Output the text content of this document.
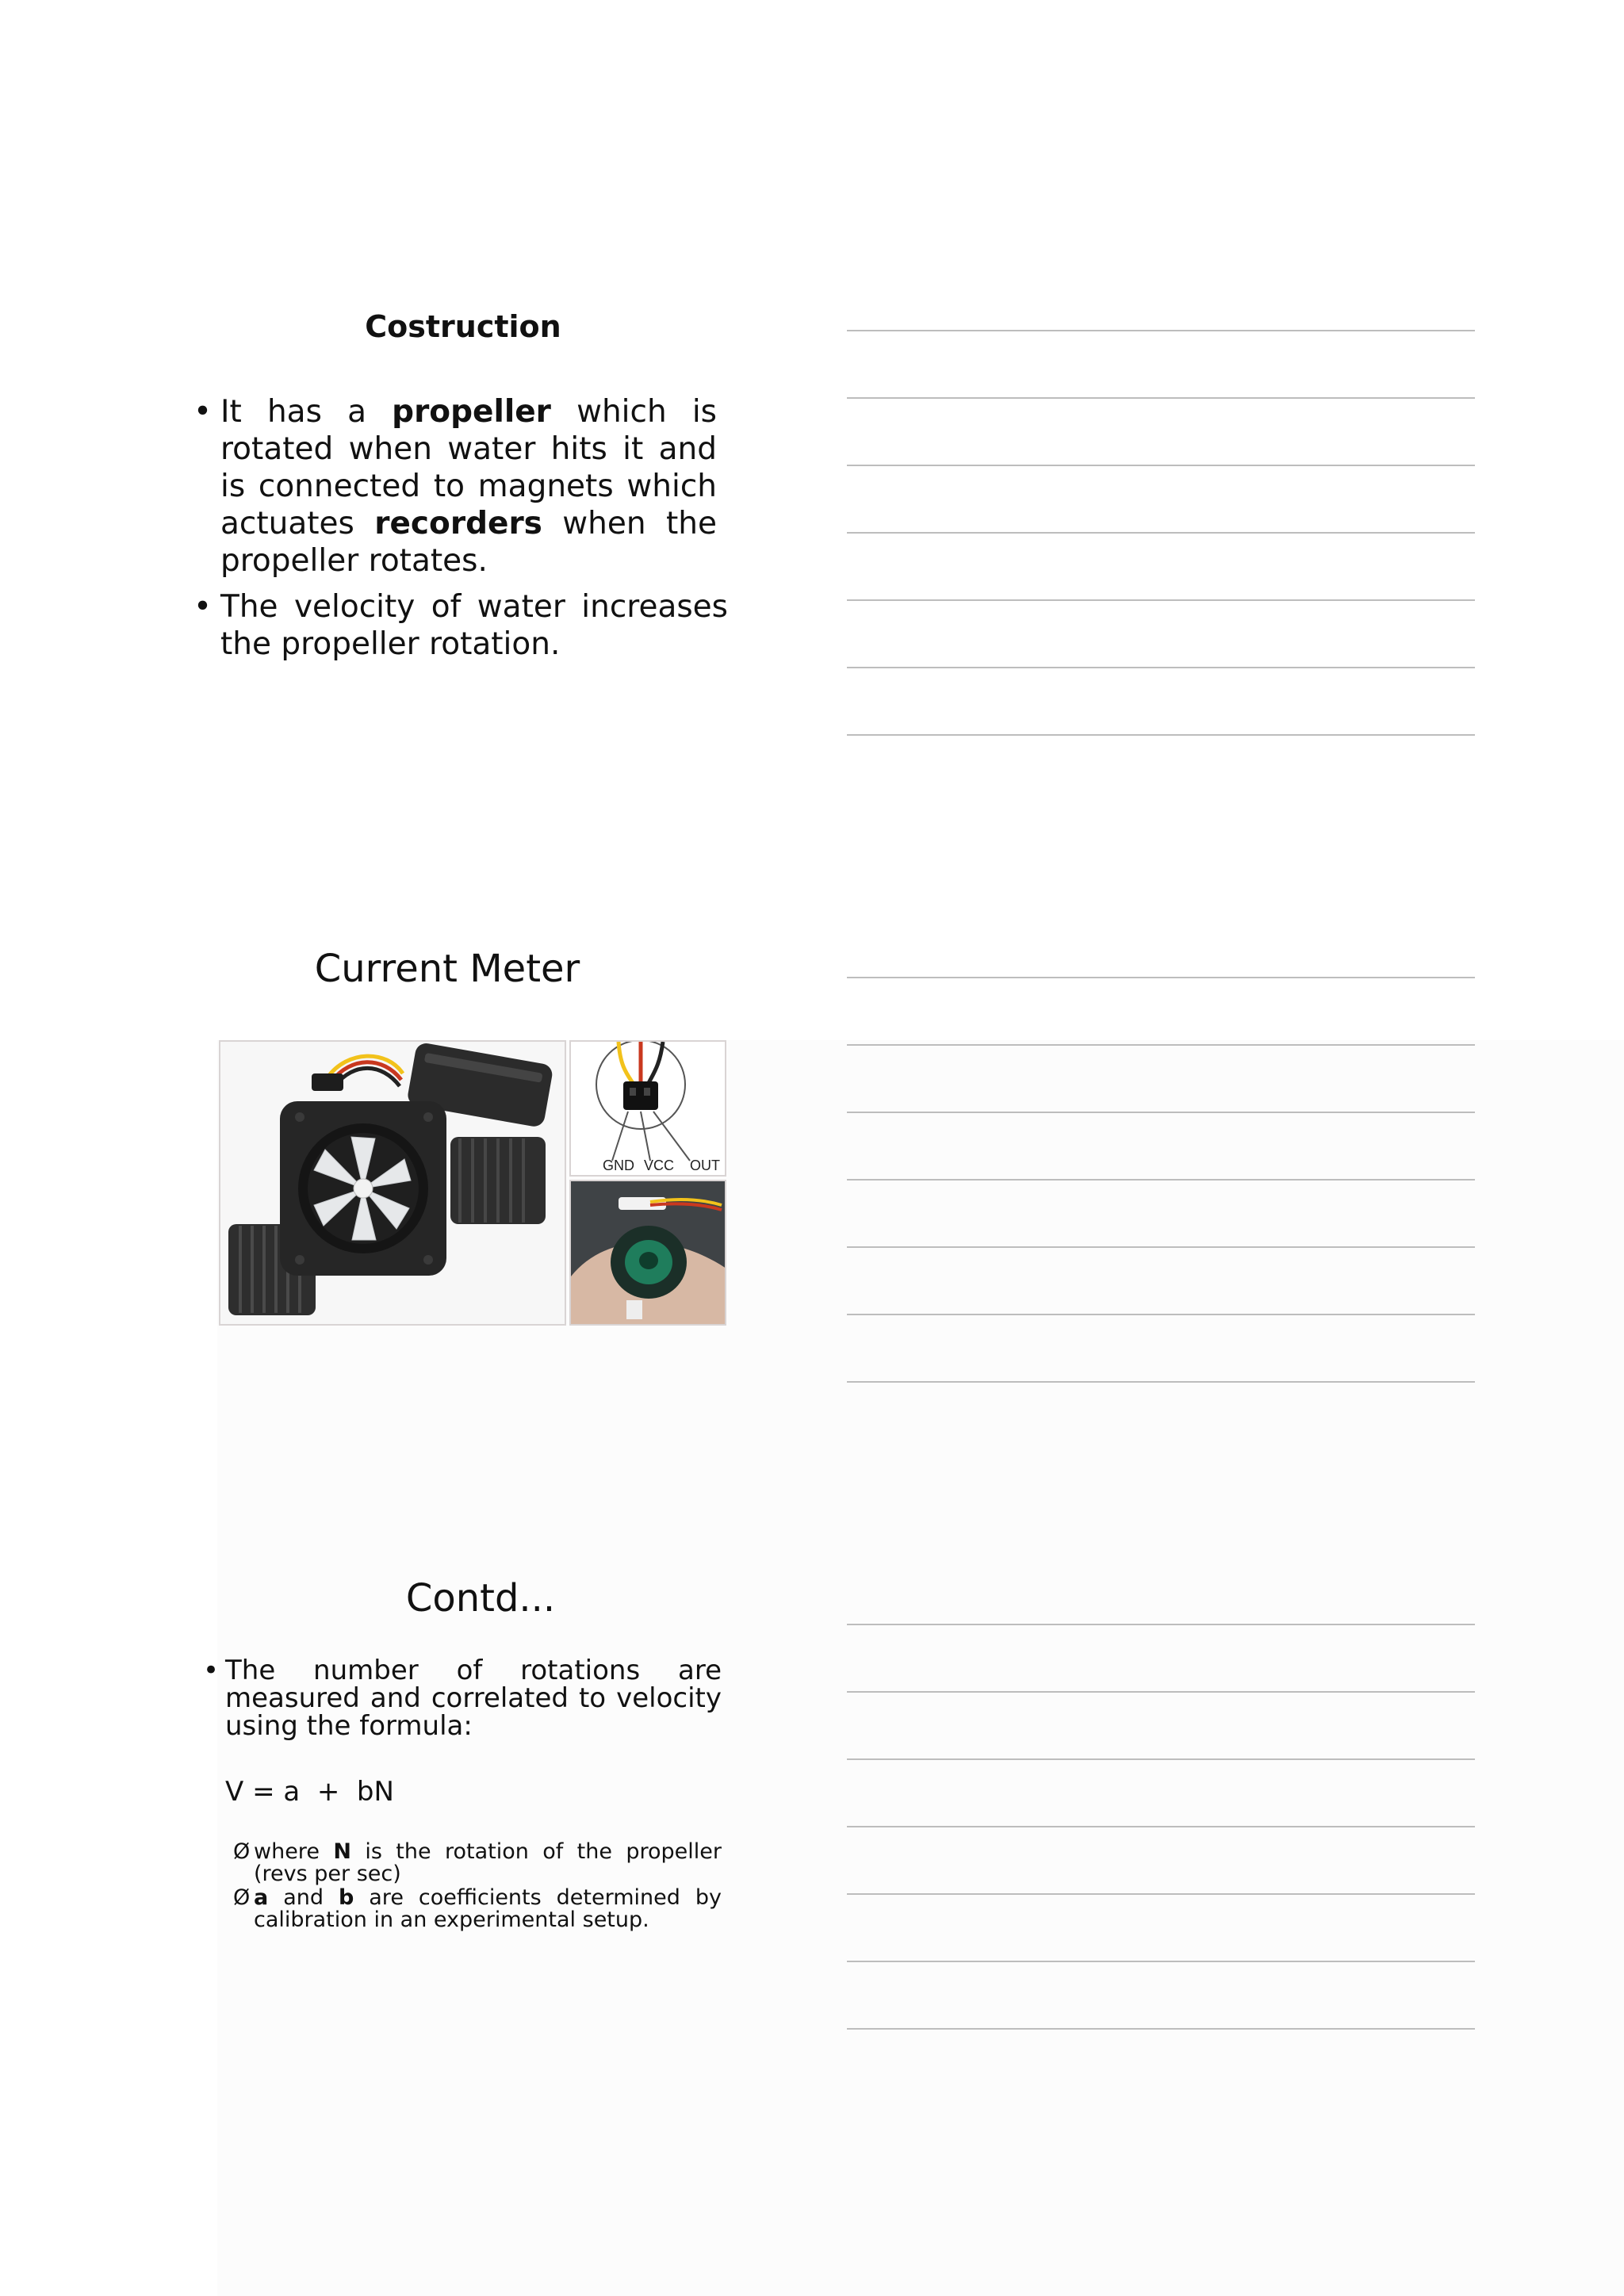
Costruction
• It has a propeller which is rotated when water hits it and is connected to magnets which actuates recorders when the propeller rotates.
• The velocity of water increases the propeller rotation.
Current Meter
GND VCC OUT
Contd...
• The number of rotations are measured and correlated to velocity using the formula:
V = a  +  bN
Ø where N is the rotation of the propeller (revs per sec)
Ø a and b are coefficients determined by calibration in an experimental setup.
